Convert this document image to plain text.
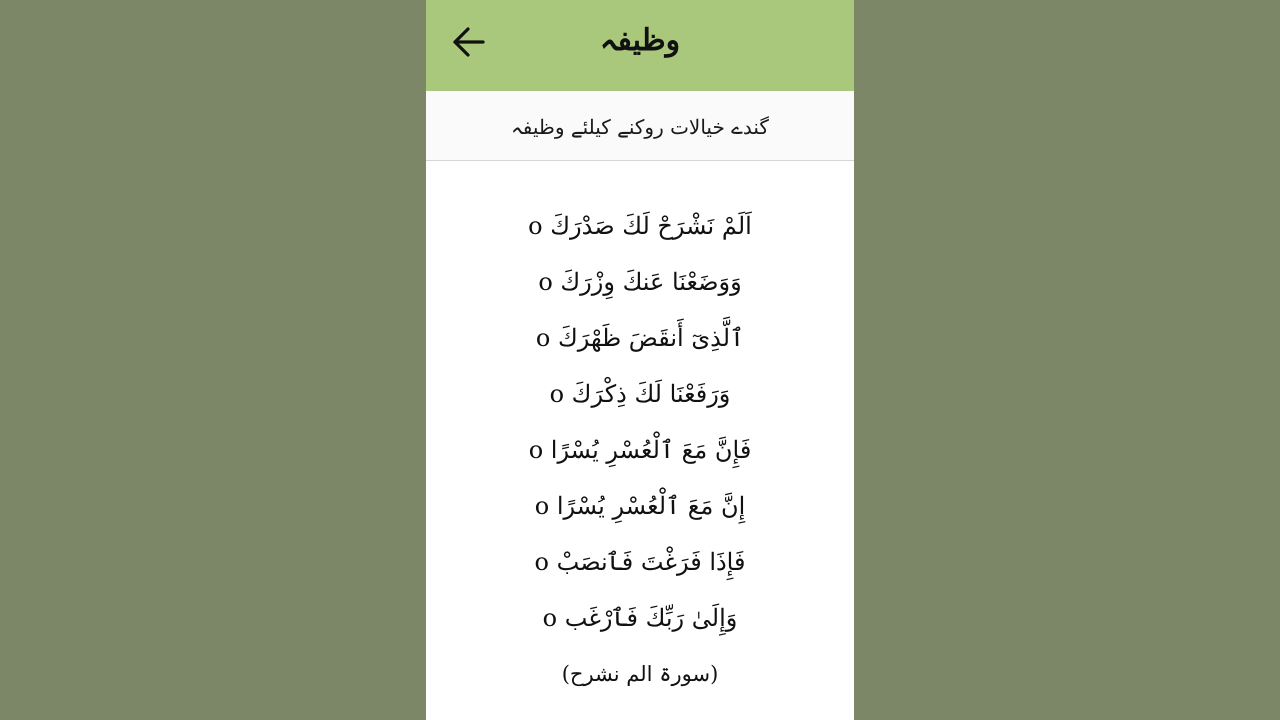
وظیفہ
گندے خیالات روکنے کیلئے وظیفہ
اَلَمْ نَشْرَحْ لَكَ صَدْرَكَ o
وَوَضَعْنَا عَنكَ وِزْرَكَ o
ٱلَّذِىٓ أَنقَضَ ظَهْرَكَ o
وَرَفَعْنَا لَكَ ذِكْرَكَ o
فَإِنَّ مَعَ ٱلْعُسْرِ يُسْرًا o
إِنَّ مَعَ ٱلْعُسْرِ يُسْرًا o
فَإِذَا فَرَغْتَ فَٱنصَبْ o
وَإِلَىٰ رَبِّكَ فَٱرْغَب o
(سورۃ الم نشرح)
